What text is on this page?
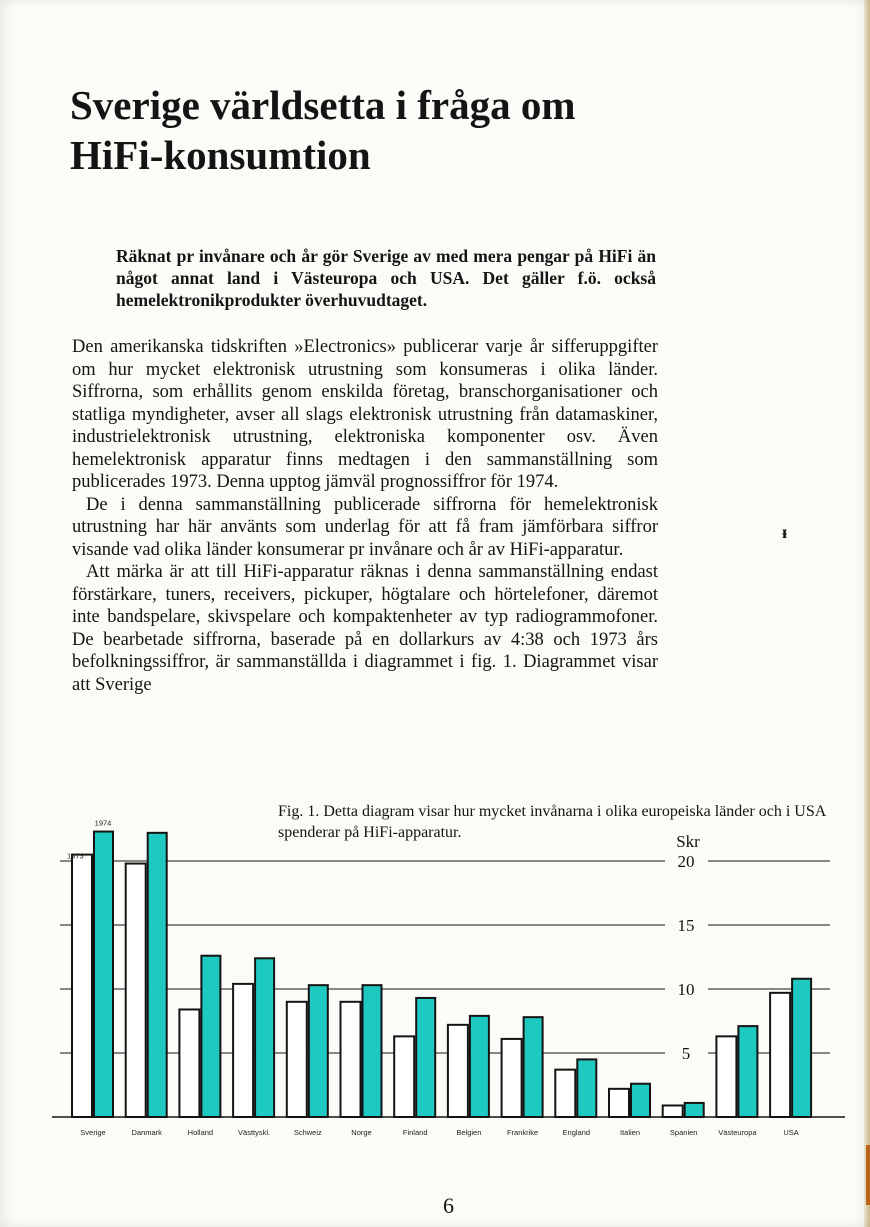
Sverige världsetta i fråga om
HiFi-konsumtion
Räknat pr invånare och år gör Sverige av med mera pengar på HiFi än något annat land i Västeuropa och USA. Det gäller f.ö. också hemelektronikprodukter överhuvudtaget.

Den amerikanska tidskriften »Electronics» publicerar varje år sifferuppgifter om hur mycket elektronisk utrustning som konsumeras i olika länder. Siffrorna, som erhållits genom enskilda företag, branschorganisationer och statliga myndigheter, avser all slags elektronisk utrustning från datamaskiner, industrielektronisk utrustning, elektroniska komponenter osv. Även hemelektronisk apparatur finns medtagen i den sammanställning som publicerades 1973. Denna upptog jämväl prognossiffror för 1974.

De i denna sammanställning publicerade siffrorna för hemelektronisk utrustning har här använts som underlag för att få fram jämförbara siffror visande vad olika länder konsumerar pr invånare och år av HiFi-apparatur.

Att märka är att till HiFi-apparatur räknas i denna sammanställning endast förstärkare, tuners, receivers, pickuper, högtalare och hörtelefoner, däremot inte bandspelare, skivspelare och kompaktenheter av typ radiogrammofoner. De bearbetade siffrorna, baserade på en dollarkurs av 4:38 och 1973 års befolkningssiffror, är sammanställda i diagrammet i fig. 1. Diagrammet visar att Sverige

ᵻ
Fig. 1. Detta diagram visar hur mycket invånarna i olika europeiska länder och i USA spenderar på HiFi-apparatur.
5
10
15
20
Skr
Sverige	Danmark	Holland	Västtyskl.	Schweiz	Norge	Finland	Belgien	Frankrike	England	Italien	Spanien	Västeuropa	USA
1973
1974
6
